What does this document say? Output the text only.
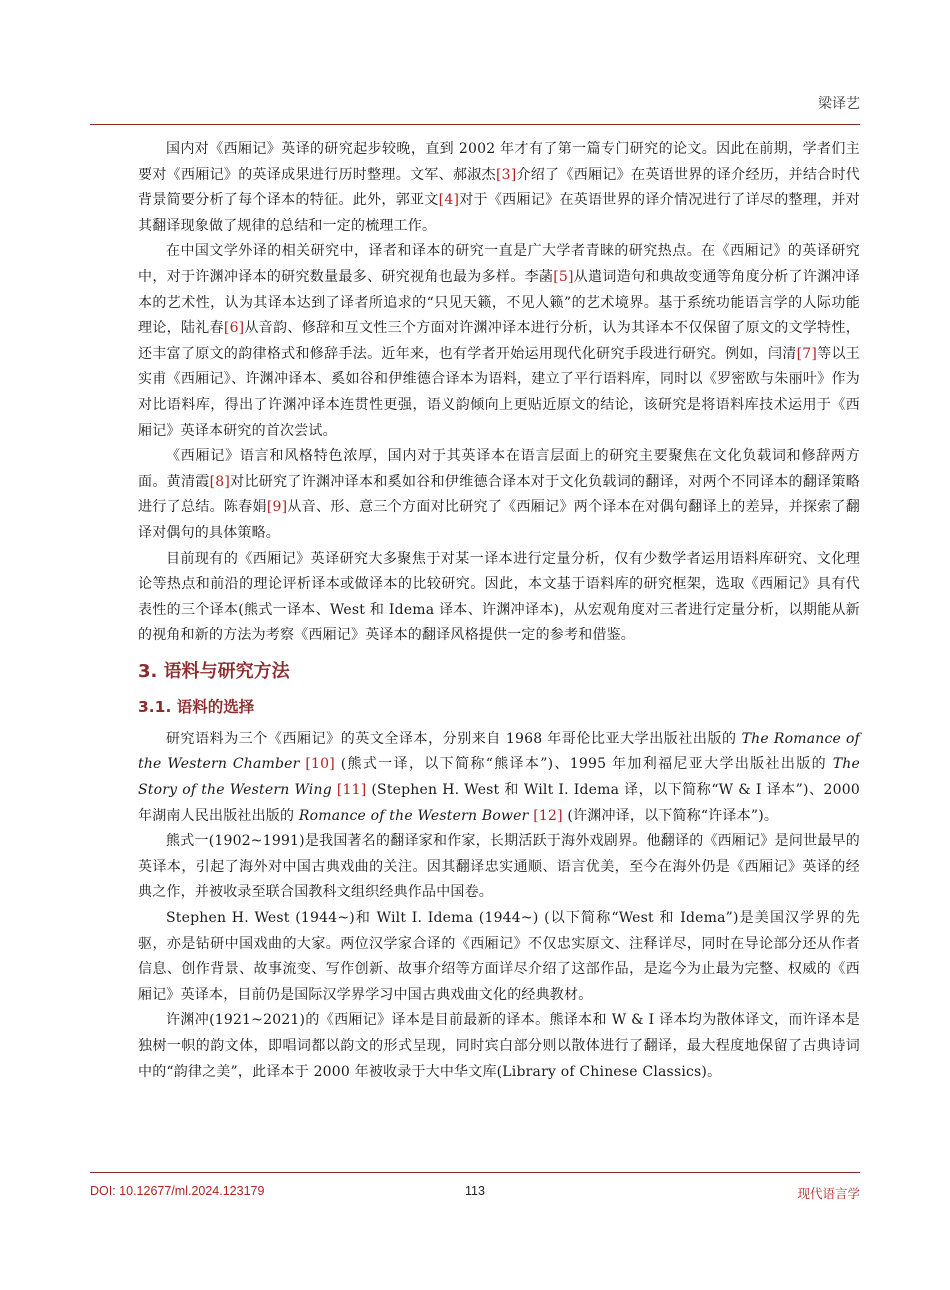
梁译艺

国内对《西厢记》英译的研究起步较晚，直到 2002 年才有了第一篇专门研究的论文。因此在前期，学者们主要对《西厢记》的英译成果进行历时整理。文军、郝淑杰[3]介绍了《西厢记》在英语世界的译介经历，并结合时代背景简要分析了每个译本的特征。此外，郭亚文[4]对于《西厢记》在英语世界的译介情况进行了详尽的整理，并对其翻译现象做了规律的总结和一定的梳理工作。

在中国文学外译的相关研究中，译者和译本的研究一直是广大学者青睐的研究热点。在《西厢记》的英译研究中，对于许渊冲译本的研究数量最多、研究视角也最为多样。李菡[5]从遣词造句和典故变通等角度分析了许渊冲译本的艺术性，认为其译本达到了译者所追求的“只见天籁，不见人籁”的艺术境界。基于系统功能语言学的人际功能理论，陆礼春[6]从音韵、修辞和互文性三个方面对许渊冲译本进行分析，认为其译本不仅保留了原文的文学特性，还丰富了原文的韵律格式和修辞手法。近年来，也有学者开始运用现代化研究手段进行研究。例如，闫清[7]等以王实甫《西厢记》、许渊冲译本、奚如谷和伊维德合译本为语料，建立了平行语料库，同时以《罗密欧与朱丽叶》作为对比语料库，得出了许渊冲译本连贯性更强，语义韵倾向上更贴近原文的结论，该研究是将语料库技术运用于《西厢记》英译本研究的首次尝试。

《西厢记》语言和风格特色浓厚，国内对于其英译本在语言层面上的研究主要聚焦在文化负载词和修辞两方面。黄清霞[8]对比研究了许渊冲译本和奚如谷和伊维德合译本对于文化负载词的翻译，对两个不同译本的翻译策略进行了总结。陈春娟[9]从音、形、意三个方面对比研究了《西厢记》两个译本在对偶句翻译上的差异，并探索了翻译对偶句的具体策略。

目前现有的《西厢记》英译研究大多聚焦于对某一译本进行定量分析，仅有少数学者运用语料库研究、文化理论等热点和前沿的理论评析译本或做译本的比较研究。因此，本文基于语料库的研究框架，选取《西厢记》具有代表性的三个译本(熊式一译本、West 和 Idema 译本、许渊冲译本)，从宏观角度对三者进行定量分析，以期能从新的视角和新的方法为考察《西厢记》英译本的翻译风格提供一定的参考和借鉴。

3. 语料与研究方法
3.1. 语料的选择

研究语料为三个《西厢记》的英文全译本，分别来自 1968 年哥伦比亚大学出版社出版的 The Romance of the Western Chamber [10] (熊式一译，以下简称“熊译本”)、1995 年加利福尼亚大学出版社出版的 The Story of the Western Wing [11] (Stephen H. West 和 Wilt I. Idema 译，以下简称“W & I 译本”)、2000 年湖南人民出版社出版的 Romance of the Western Bower [12] (许渊冲译，以下简称“许译本”)。

熊式一(1902~1991)是我国著名的翻译家和作家，长期活跃于海外戏剧界。他翻译的《西厢记》是问世最早的英译本，引起了海外对中国古典戏曲的关注。因其翻译忠实通顺、语言优美，至今在海外仍是《西厢记》英译的经典之作，并被收录至联合国教科文组织经典作品中国卷。

Stephen H. West (1944~)和 Wilt I. Idema (1944~) (以下简称“West 和 Idema”)是美国汉学界的先驱，亦是钻研中国戏曲的大家。两位汉学家合译的《西厢记》不仅忠实原文、注释详尽，同时在导论部分还从作者信息、创作背景、故事流变、写作创新、故事介绍等方面详尽介绍了这部作品，是迄今为止最为完整、权威的《西厢记》英译本，目前仍是国际汉学界学习中国古典戏曲文化的经典教材。

许渊冲(1921~2021)的《西厢记》译本是目前最新的译本。熊译本和 W & I 译本均为散体译文，而许译本是独树一帜的韵文体，即唱词都以韵文的形式呈现，同时宾白部分则以散体进行了翻译，最大程度地保留了古典诗词中的“韵律之美”，此译本于 2000 年被收录于大中华文库(Library of Chinese Classics)。

DOI: 10.12677/ml.2024.123179	113	现代语言学
